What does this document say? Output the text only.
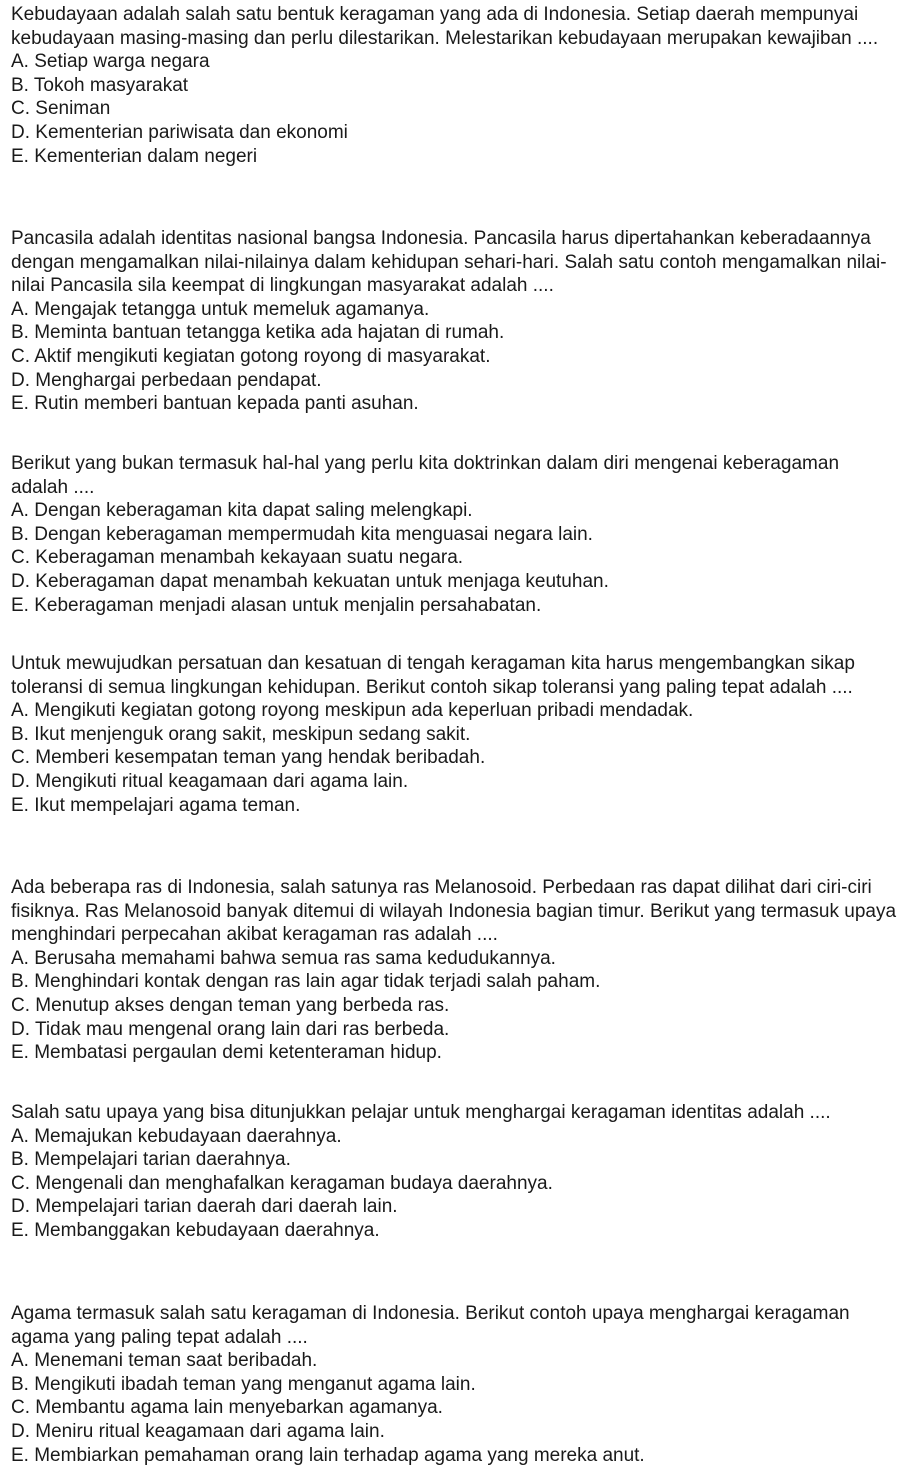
Kebudayaan adalah salah satu bentuk keragaman yang ada di Indonesia. Setiap daerah mempunyai kebudayaan masing-masing dan perlu dilestarikan. Melestarikan kebudayaan merupakan kewajiban ....

A. Setiap warga negara

B. Tokoh masyarakat

C. Seniman

D. Kementerian pariwisata dan ekonomi

E. Kementerian dalam negeri

Pancasila adalah identitas nasional bangsa Indonesia. Pancasila harus dipertahankan keberadaannya dengan mengamalkan nilai-nilainya dalam kehidupan sehari-hari. Salah satu contoh mengamalkan nilai-nilai Pancasila sila keempat di lingkungan masyarakat adalah ....

A. Mengajak tetangga untuk memeluk agamanya.

B. Meminta bantuan tetangga ketika ada hajatan di rumah.

C. Aktif mengikuti kegiatan gotong royong di masyarakat.

D. Menghargai perbedaan pendapat.

E. Rutin memberi bantuan kepada panti asuhan.

Berikut yang bukan termasuk hal-hal yang perlu kita doktrinkan dalam diri mengenai keberagaman adalah ....

A. Dengan keberagaman kita dapat saling melengkapi.

B. Dengan keberagaman mempermudah kita menguasai negara lain.

C. Keberagaman menambah kekayaan suatu negara.

D. Keberagaman dapat menambah kekuatan untuk menjaga keutuhan.

E. Keberagaman menjadi alasan untuk menjalin persahabatan.

Untuk mewujudkan persatuan dan kesatuan di tengah keragaman kita harus mengembangkan sikap toleransi di semua lingkungan kehidupan. Berikut contoh sikap toleransi yang paling tepat adalah ....

A. Mengikuti kegiatan gotong royong meskipun ada keperluan pribadi mendadak.

B. Ikut menjenguk orang sakit, meskipun sedang sakit.

C. Memberi kesempatan teman yang hendak beribadah.

D. Mengikuti ritual keagamaan dari agama lain.

E. Ikut mempelajari agama teman.

Ada beberapa ras di Indonesia, salah satunya ras Melanosoid. Perbedaan ras dapat dilihat dari ciri-ciri fisiknya. Ras Melanosoid banyak ditemui di wilayah Indonesia bagian timur. Berikut yang termasuk upaya menghindari perpecahan akibat keragaman ras adalah ....

A. Berusaha memahami bahwa semua ras sama kedudukannya.

B. Menghindari kontak dengan ras lain agar tidak terjadi salah paham.

C. Menutup akses dengan teman yang berbeda ras.

D. Tidak mau mengenal orang lain dari ras berbeda.

E. Membatasi pergaulan demi ketenteraman hidup.

Salah satu upaya yang bisa ditunjukkan pelajar untuk menghargai keragaman identitas adalah ....

A. Memajukan kebudayaan daerahnya.

B. Mempelajari tarian daerahnya.

C. Mengenali dan menghafalkan keragaman budaya daerahnya.

D. Mempelajari tarian daerah dari daerah lain.

E. Membanggakan kebudayaan daerahnya.

Agama termasuk salah satu keragaman di Indonesia. Berikut contoh upaya menghargai keragaman agama yang paling tepat adalah ....

A. Menemani teman saat beribadah.

B. Mengikuti ibadah teman yang menganut agama lain.

C. Membantu agama lain menyebarkan agamanya.

D. Meniru ritual keagamaan dari agama lain.

E. Membiarkan pemahaman orang lain terhadap agama yang mereka anut.
